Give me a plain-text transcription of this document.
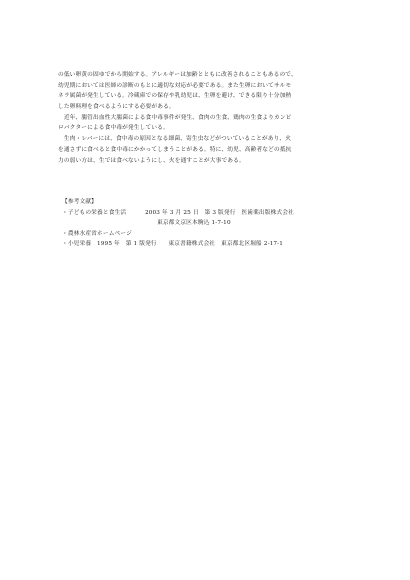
の低い卵黄の固ゆでから開始する。アレルギーは加齢とともに改善されることもあるので、
幼児期においては医師の診断のもとに適切な対応が必要である。また生卵においてサルモ
ネラ属菌が発生している。冷蔵庫での保存や乳幼児は、生卵を避け、できる限り十分加熱
した卵料理を食べるようにする必要がある。
　近年、腸管出血性大腸菌による食中毒事件が発生、食肉の生食、鶏肉の生食よりカンピ
ロバクターによる食中毒が発生している。
　生肉・レバーには、食中毒の原因となる細菌、寄生虫などがついていることがあり、火
を通さずに食べると食中毒にかかってしまうことがある。特に、幼児、高齢者などの抵抗
力の弱い方は、生では食べないようにし、火を通すことが大事である。
【参考文献】
・子どもの栄養と食生活	2003 年 3 月 25 日　第 3 版発行　医歯薬出版株式会社
東京都文京区本駒込 1-7-10
・農林水産省ホームページ
・小児栄養　1995 年　第 1 版発行　　東京書籍株式会社　東京都北区堀船 2-17-1
